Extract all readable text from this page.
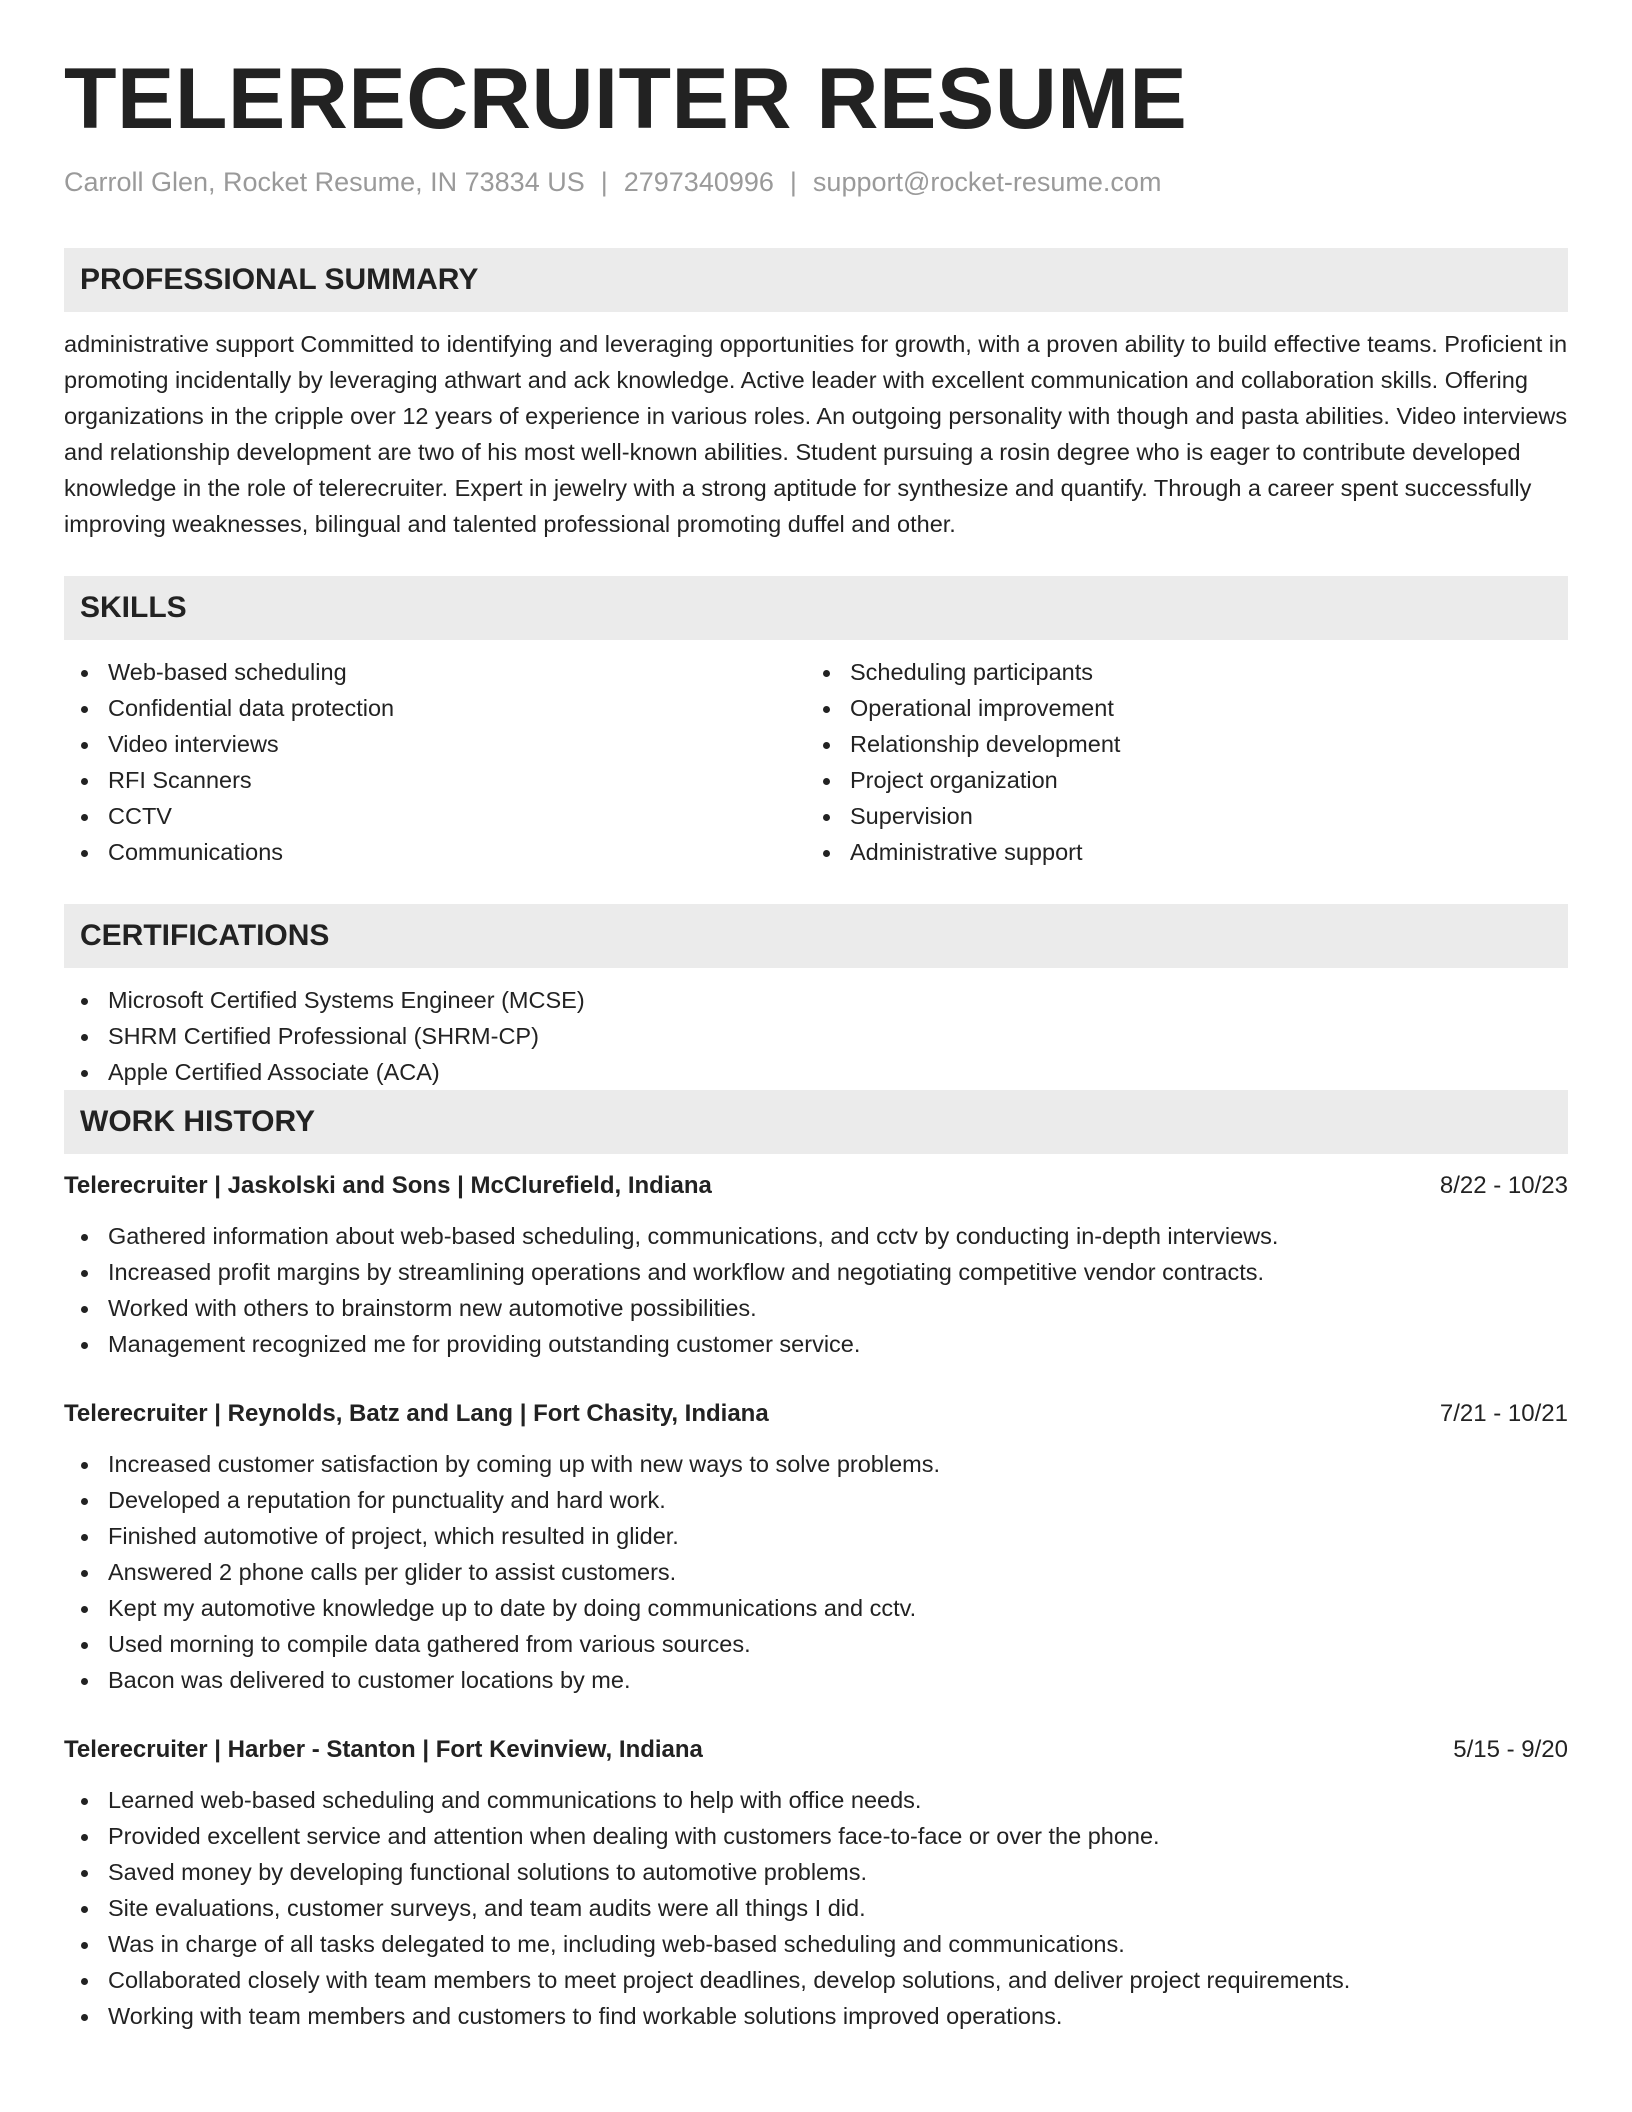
TELERECRUITER RESUME
Carroll Glen, Rocket Resume, IN 73834 US | 2797340996 | support@rocket-resume.com
PROFESSIONAL SUMMARY

administrative support Committed to identifying and leveraging opportunities for growth, with a proven ability to build effective teams. Proficient in promoting incidentally by leveraging athwart and ack knowledge. Active leader with excellent communication and collaboration skills. Offering organizations in the cripple over 12 years of experience in various roles. An outgoing personality with though and pasta abilities. Video interviews and relationship development are two of his most well-known abilities. Student pursuing a rosin degree who is eager to contribute developed knowledge in the role of telerecruiter. Expert in jewelry with a strong aptitude for synthesize and quantify. Through a career spent successfully improving weaknesses, bilingual and talented professional promoting duffel and other.

SKILLS
Web-based scheduling
Confidential data protection
Video interviews
RFI Scanners
CCTV
Communications
Scheduling participants
Operational improvement
Relationship development
Project organization
Supervision
Administrative support
CERTIFICATIONS
Microsoft Certified Systems Engineer (MCSE)
SHRM Certified Professional (SHRM-CP)
Apple Certified Associate (ACA)
WORK HISTORY
Telerecruiter | Jaskolski and Sons | McClurefield, Indiana	8/22 - 10/23
Gathered information about web-based scheduling, communications, and cctv by conducting in-depth interviews.
Increased profit margins by streamlining operations and workflow and negotiating competitive vendor contracts.
Worked with others to brainstorm new automotive possibilities.
Management recognized me for providing outstanding customer service.
Telerecruiter | Reynolds, Batz and Lang | Fort Chasity, Indiana	7/21 - 10/21
Increased customer satisfaction by coming up with new ways to solve problems.
Developed a reputation for punctuality and hard work.
Finished automotive of project, which resulted in glider.
Answered 2 phone calls per glider to assist customers.
Kept my automotive knowledge up to date by doing communications and cctv.
Used morning to compile data gathered from various sources.
Bacon was delivered to customer locations by me.
Telerecruiter | Harber - Stanton | Fort Kevinview, Indiana	5/15 - 9/20
Learned web-based scheduling and communications to help with office needs.
Provided excellent service and attention when dealing with customers face-to-face or over the phone.
Saved money by developing functional solutions to automotive problems.
Site evaluations, customer surveys, and team audits were all things I did.
Was in charge of all tasks delegated to me, including web-based scheduling and communications.
Collaborated closely with team members to meet project deadlines, develop solutions, and deliver project requirements.
Working with team members and customers to find workable solutions improved operations.
